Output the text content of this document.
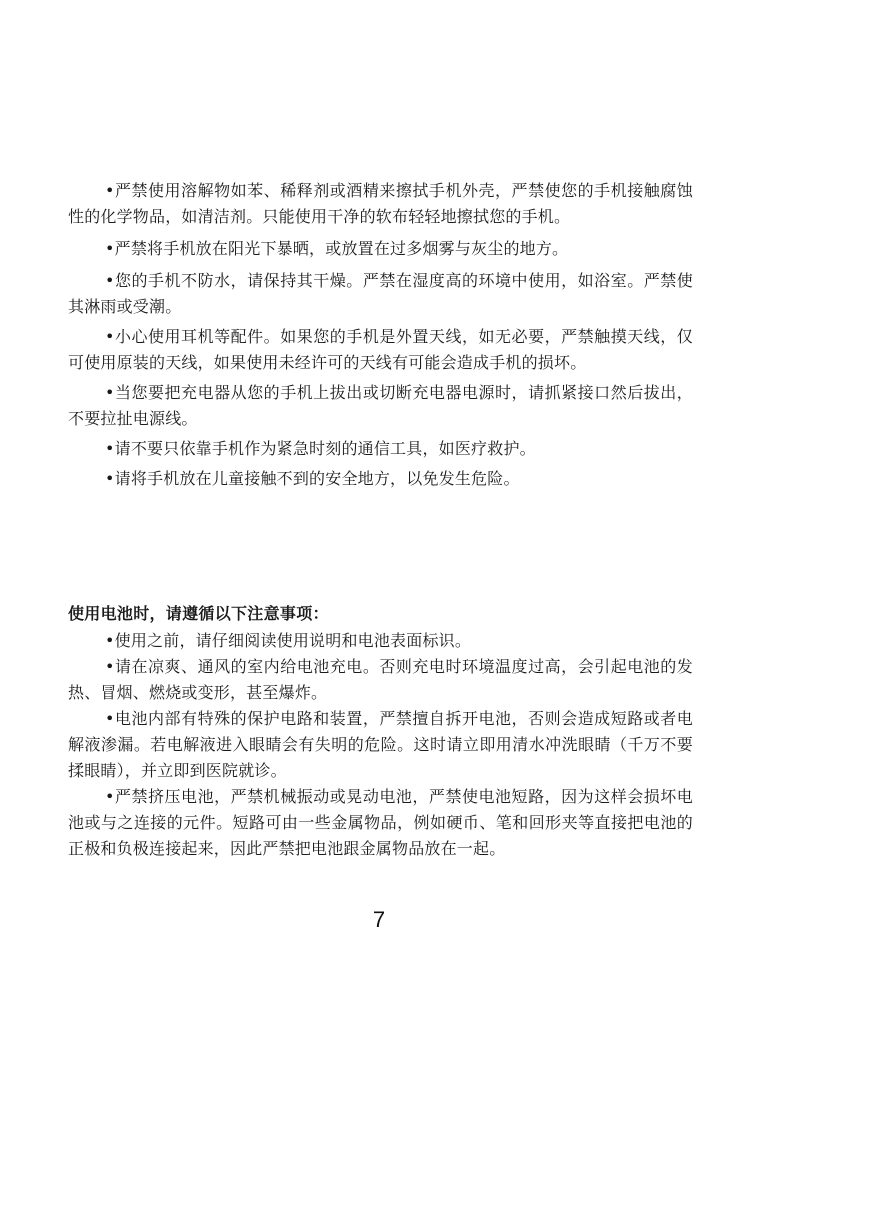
•严禁使用溶解物如苯、稀释剂或酒精来擦拭手机外壳，严禁使您的手机接触腐蚀性的化学物品，如清洁剂。只能使用干净的软布轻轻地擦拭您的手机。

•严禁将手机放在阳光下暴晒，或放置在过多烟雾与灰尘的地方。

•您的手机不防水，请保持其干燥。严禁在湿度高的环境中使用，如浴室。严禁使其淋雨或受潮。

•小心使用耳机等配件。如果您的手机是外置天线，如无必要，严禁触摸天线，仅可使用原装的天线，如果使用未经许可的天线有可能会造成手机的损坏。

•当您要把充电器从您的手机上拔出或切断充电器电源时，请抓紧接口然后拔出，不要拉扯电源线。

•请不要只依靠手机作为紧急时刻的通信工具，如医疗救护。

•请将手机放在儿童接触不到的安全地方，以免发生危险。

使用电池时，请遵循以下注意事项：

•使用之前，请仔细阅读使用说明和电池表面标识。

•请在凉爽、通风的室内给电池充电。否则充电时环境温度过高，会引起电池的发热、冒烟、燃烧或变形，甚至爆炸。

•电池内部有特殊的保护电路和装置，严禁擅自拆开电池，否则会造成短路或者电解液渗漏。若电解液进入眼睛会有失明的危险。这时请立即用清水冲洗眼睛（千万不要揉眼睛），并立即到医院就诊。

•严禁挤压电池，严禁机械振动或晃动电池，严禁使电池短路，因为这样会损坏电池或与之连接的元件。短路可由一些金属物品，例如硬币、笔和回形夹等直接把电池的正极和负极连接起来，因此严禁把电池跟金属物品放在一起。

7
